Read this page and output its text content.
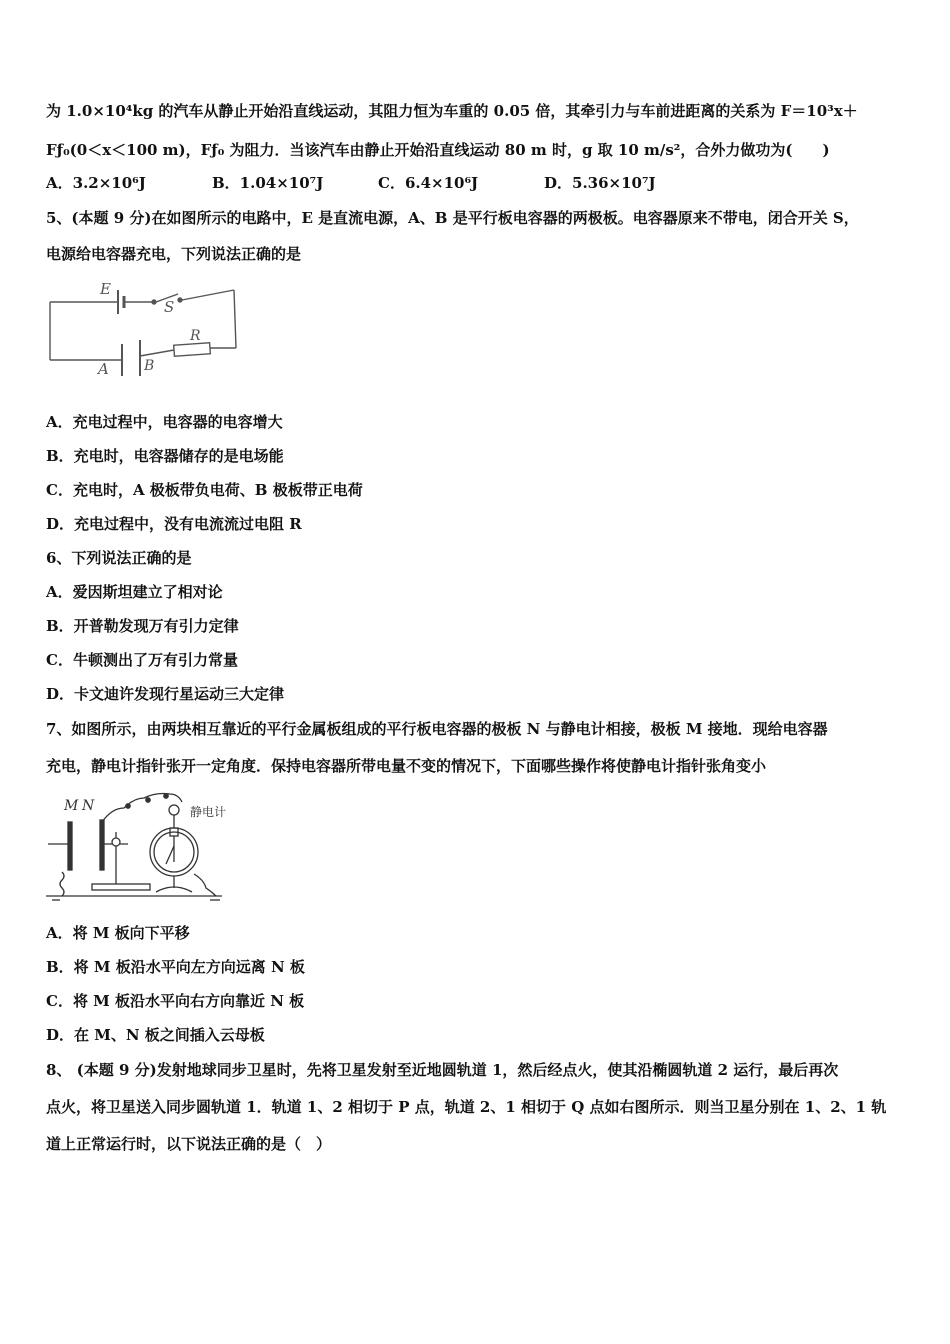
为 1.0×10⁴kg 的汽车从静止开始沿直线运动，其阻力恒为车重的 0.05 倍，其牵引力与车前进距离的关系为 F＝10³x＋
Fƒ₀(0＜x＜100 m)，Fƒ₀ 为阻力．当该汽车由静止开始沿直线运动 80 m 时，g 取 10 m/s²，合外力做功为(　　)
A．3.2×10⁶J	B．1.04×10⁷J	C．6.4×10⁶J	D．5.36×10⁷J
5、(本题 9 分)在如图所示的电路中，E 是直流电源，A、B 是平行板电容器的两极板。电容器原来不带电，闭合开关 S，
电源给电容器充电，下列说法正确的是
E
S
R
A	B
A．充电过程中，电容器的电容增大
B．充电时，电容器储存的是电场能
C．充电时，A 极板带负电荷、B 极板带正电荷
D．充电过程中，没有电流流过电阻 R
6、下列说法正确的是
A．爱因斯坦建立了相对论
B．开普勒发现万有引力定律
C．牛顿测出了万有引力常量
D．卡文迪许发现行星运动三大定律
7、如图所示，由两块相互靠近的平行金属板组成的平行板电容器的极板 N 与静电计相接，极板 M 接地．现给电容器
充电，静电计指针张开一定角度．保持电容器所带电量不变的情况下，下面哪些操作将使静电计指针张角变小
M N	静电计
A．将 M 板向下平移
B．将 M 板沿水平向左方向远离 N 板
C．将 M 板沿水平向右方向靠近 N 板
D．在 M、N 板之间插入云母板
8、 (本题 9 分)发射地球同步卫星时，先将卫星发射至近地圆轨道 1，然后经点火，使其沿椭圆轨道 2 运行，最后再次
点火，将卫星送入同步圆轨道 1．轨道 1、2 相切于 P 点，轨道 2、1 相切于 Q 点如右图所示．则当卫星分别在 1、2、1 轨
道上正常运行时，以下说法正确的是（　）
